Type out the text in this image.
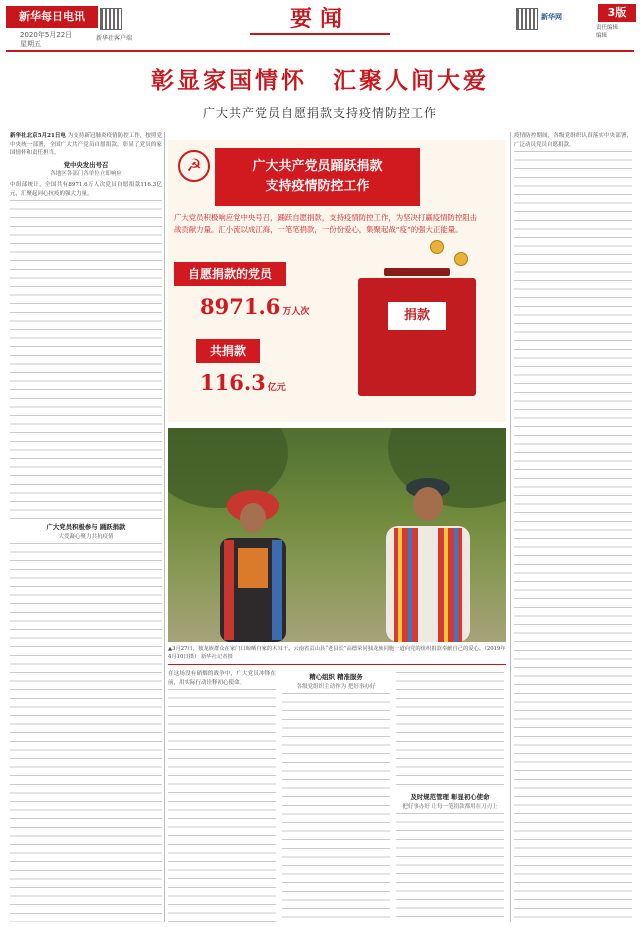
新华每日电讯
2020年5月22日
星期五
新华社客户端
要闻	新华网	3版
责任编辑
编辑
彰显家国情怀　汇聚人间大爱
广大共产党员自愿捐款支持疫情防控工作
新华社北京5月21日电 为支持新冠肺炎疫情防控工作，按照党中央统一部署，全国广大共产党员自愿捐款，彰显了党员的家国情怀和责任担当。
党中央发出号召
各地区各部门各单位立即响应
中组部统计，全国共有8971.6万人次党员自愿捐款116.3亿元，汇聚起同心抗疫的强大力量。
广大党员积极参与 踊跃捐款
大爱凝心聚力共抗疫情
☭	广大共产党员踊跃捐款
支持疫情防控工作
广大党员积极响应党中央号召，踊跃自愿捐款，支持疫情防控工作，为坚决打赢疫情防控阻击战贡献力量。汇小流以成江海，一笔笔捐款，一份份爱心，集聚起战“疫”的强大正能量。
自愿捐款的党员
8971.6 万人次
共捐款
116.3 亿元
捐款
▲3月27日，独龙族群众在家门口晾晒自家的木耳干。云南省贡山县“老县长”高德荣同独龙族同胞一道向党的组织捐款奉献自己的爱心。（2019年4月10日摄） 新华社记者摄
在这场没有硝烟的战争中，广大党员冲锋在前，用实际行动诠释初心使命。
精心组织 精准服务
各级党组织主动作为 把好事办好
及时规范管理 彰显初心使命
把好事办好 让每一笔捐款都用在刀刃上
疫情防控期间，各级党组织认真落实中央部署，广泛动员党员自愿捐款。
